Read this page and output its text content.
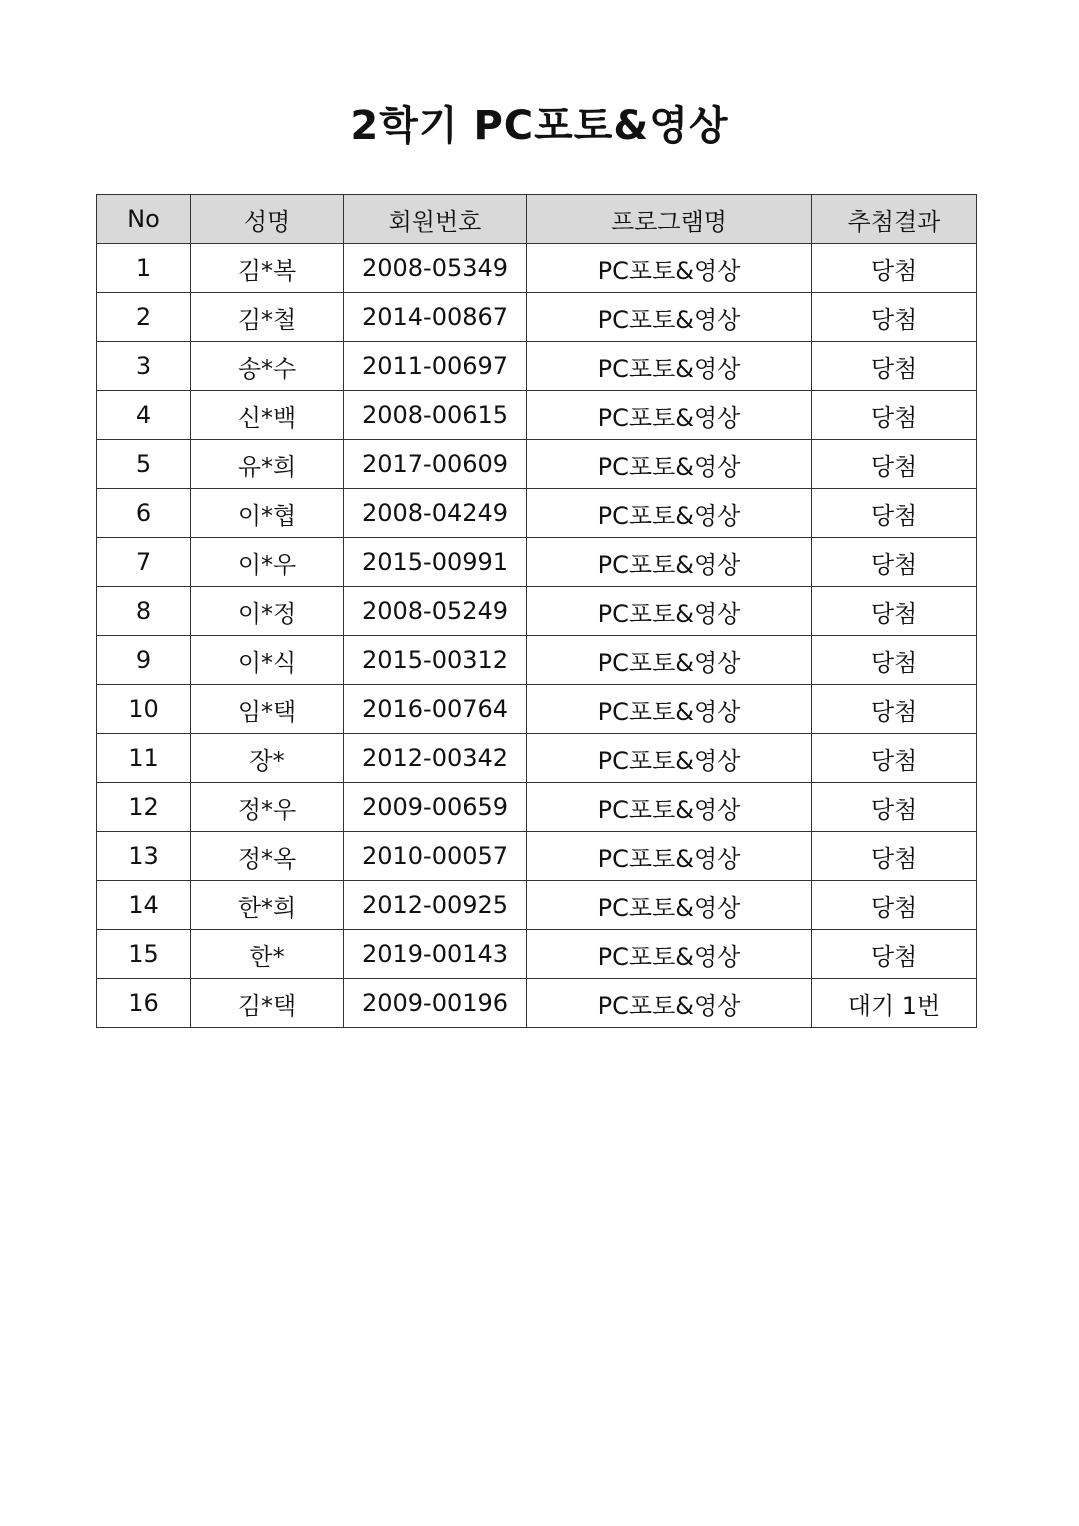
2학기 PC포토&영상
No	성명	회원번호	프로그램명	추첨결과
1	김*복	2008-05349	PC포토&영상	당첨
2	김*철	2014-00867	PC포토&영상	당첨
3	송*수	2011-00697	PC포토&영상	당첨
4	신*백	2008-00615	PC포토&영상	당첨
5	유*희	2017-00609	PC포토&영상	당첨
6	이*협	2008-04249	PC포토&영상	당첨
7	이*우	2015-00991	PC포토&영상	당첨
8	이*정	2008-05249	PC포토&영상	당첨
9	이*식	2015-00312	PC포토&영상	당첨
10	임*택	2016-00764	PC포토&영상	당첨
11	장*	2012-00342	PC포토&영상	당첨
12	정*우	2009-00659	PC포토&영상	당첨
13	정*옥	2010-00057	PC포토&영상	당첨
14	한*희	2012-00925	PC포토&영상	당첨
15	한*	2019-00143	PC포토&영상	당첨
16	김*택	2009-00196	PC포토&영상	대기 1번
